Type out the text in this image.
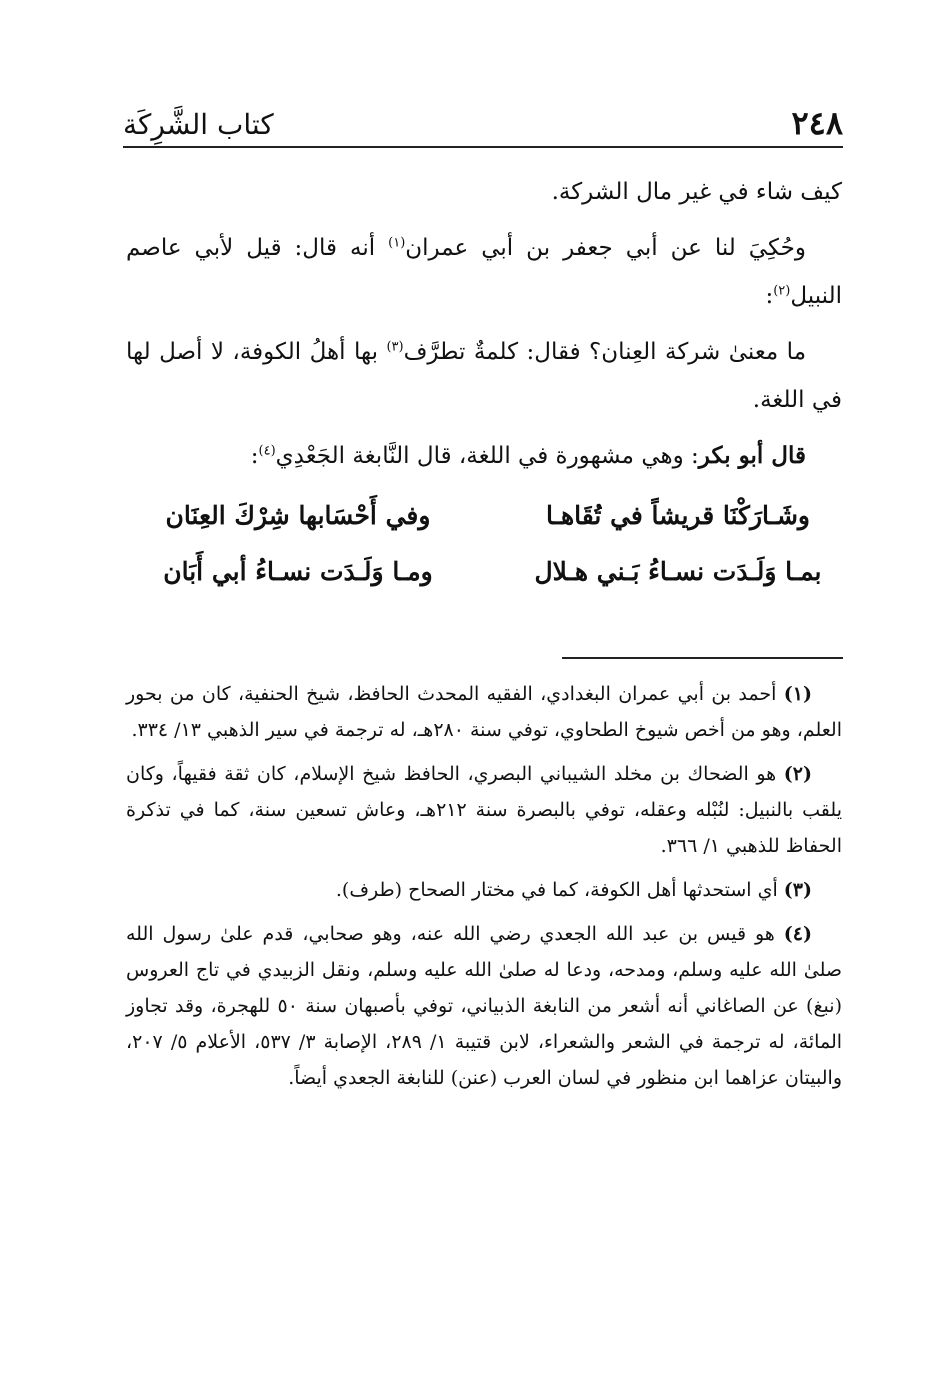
٢٤٨
كتاب الشَّرِكَة

كيف شاء في غير مال الشركة.

وحُكِيَ لنا عن أبي جعفر بن أبي عمران$^{(١)}$ أنه قال: قيل لأبي عاصم النبيل$^{(٢)}$:

ما معنىٰ شركة العِنان؟ فقال: كلمةٌ تطرَّف$^{(٣)}$ بها أهلُ الكوفة، لا أصل لها في اللغة.

قال أبو بكر: وهي مشهورة في اللغة، قال النَّابغة الجَعْدِي$^{(٤)}$:

وشَـارَكْنَا قريشاً في تُقَاهـا
وفي أَحْسَابها شِرْكَ العِنَان
بمـا وَلَـدَت نسـاءُ بَـني هـلال
ومـا وَلَـدَت نسـاءُ أبي أَبَان

(١) أحمد بن أبي عمران البغدادي، الفقيه المحدث الحافظ، شيخ الحنفية، كان من بحور العلم، وهو من أخص شيوخ الطحاوي، توفي سنة ٢٨٠هـ، له ترجمة في سير الذهبي ١٣/ ٣٣٤.

(٢) هو الضحاك بن مخلد الشيباني البصري، الحافظ شيخ الإسلام، كان ثقة فقيهاً، وكان يلقب بالنبيل: لنُبْله وعقله، توفي بالبصرة سنة ٢١٢هـ، وعاش تسعين سنة، كما في تذكرة الحفاظ للذهبي ١/ ٣٦٦.

(٣) أي استحدثها أهل الكوفة، كما في مختار الصحاح (طرف).

(٤) هو قيس بن عبد الله الجعدي رضي الله عنه، وهو صحابي، قدم علىٰ رسول الله صلىٰ الله عليه وسلم، ومدحه، ودعا له صلىٰ الله عليه وسلم، ونقل الزبيدي في تاج العروس (نبغ) عن الصاغاني أنه أشعر من النابغة الذبياني، توفي بأصبهان سنة ٥٠ للهجرة، وقد تجاوز المائة، له ترجمة في الشعر والشعراء، لابن قتيبة ١/ ٢٨٩، الإصابة ٣/ ٥٣٧، الأعلام ٥/ ٢٠٧، والبيتان عزاهما ابن منظور في لسان العرب (عنن) للنابغة الجعدي أيضاً.
